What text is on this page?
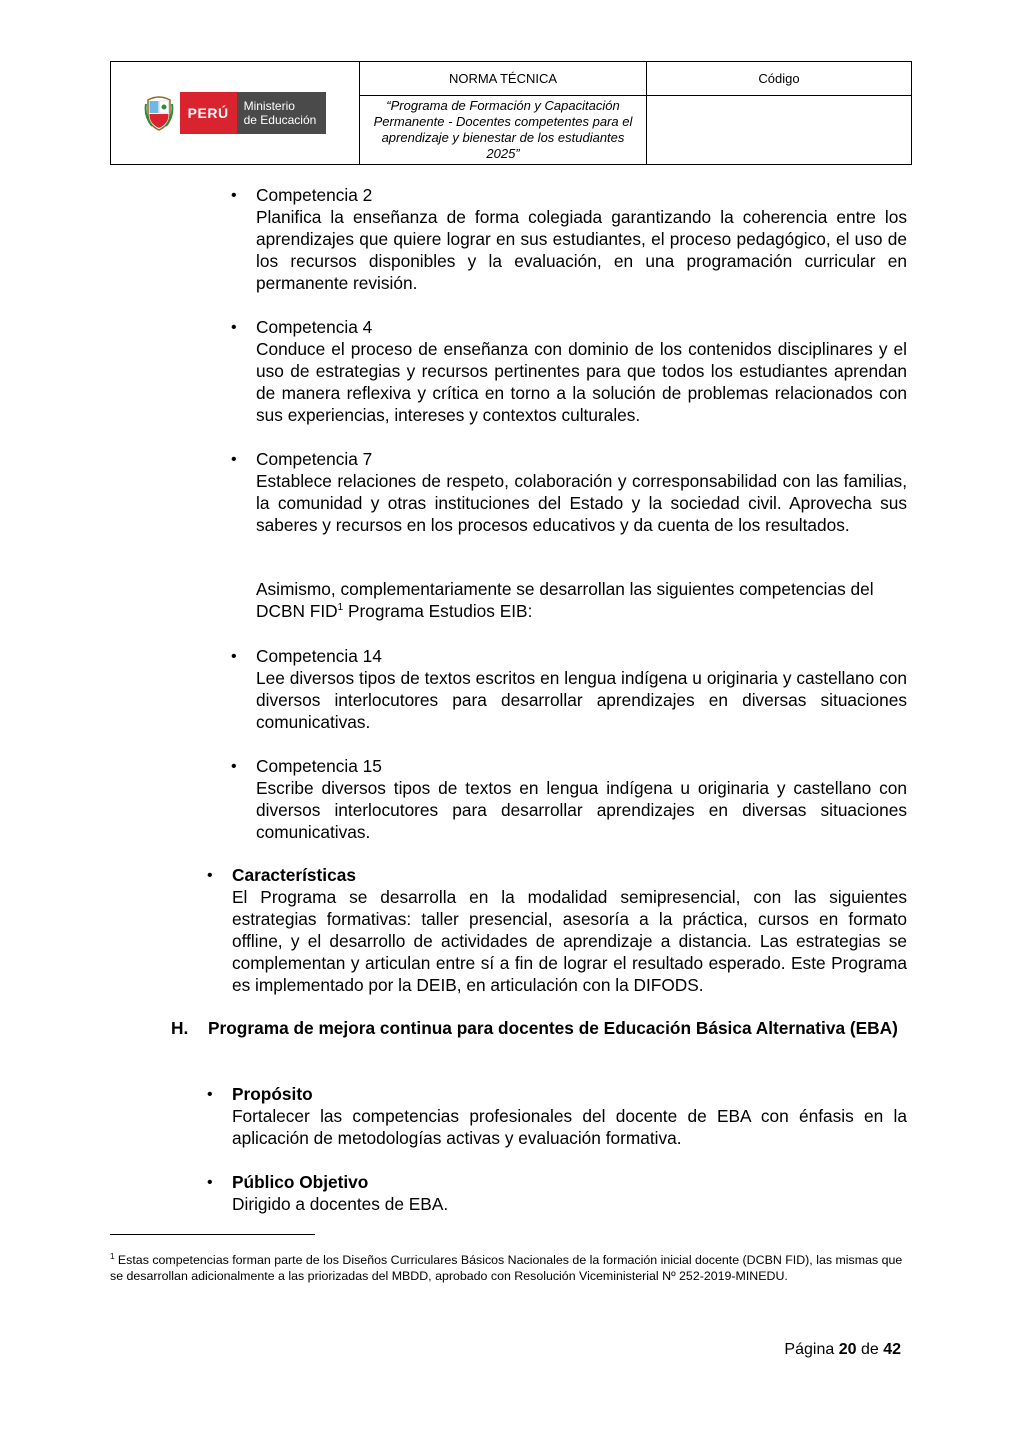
PERÚ Ministerio
de Educación	NORMA TÉCNICA	Código
	“Programa de Formación y Capacitación Permanente - Docentes competentes para el aprendizaje y bienestar de los estudiantes 2025”	
• Competencia 2

Planifica la enseñanza de forma colegiada garantizando la coherencia entre los aprendizajes que quiere lograr en sus estudiantes, el proceso pedagógico, el uso de los recursos disponibles y la evaluación, en una programación curricular en permanente revisión.

• Competencia 4

Conduce el proceso de enseñanza con dominio de los contenidos disciplinares y el uso de estrategias y recursos pertinentes para que todos los estudiantes aprendan de manera reflexiva y crítica en torno a la solución de problemas relacionados con sus experiencias, intereses y contextos culturales.

• Competencia 7

Establece relaciones de respeto, colaboración y corresponsabilidad con las familias, la comunidad y otras instituciones del Estado y la sociedad civil. Aprovecha sus saberes y recursos en los procesos educativos y da cuenta de los resultados.

Asimismo, complementariamente se desarrollan las siguientes competencias del DCBN FID$^1$ Programa Estudios EIB:

• Competencia 14

Lee diversos tipos de textos escritos en lengua indígena u originaria y castellano con diversos interlocutores para desarrollar aprendizajes en diversas situaciones comunicativas.

• Competencia 15

Escribe diversos tipos de textos en lengua indígena u originaria y castellano con diversos interlocutores para desarrollar aprendizajes en diversas situaciones comunicativas.

• Características

El Programa se desarrolla en la modalidad semipresencial, con las siguientes estrategias formativas: taller presencial, asesoría a la práctica, cursos en formato offline, y el desarrollo de actividades de aprendizaje a distancia. Las estrategias se complementan y articulan entre sí a fin de lograr el resultado esperado. Este Programa es implementado por la DEIB, en articulación con la DIFODS.

H. Programa de mejora continua para docentes de Educación Básica Alternativa (EBA)
• Propósito

Fortalecer las competencias profesionales del docente de EBA con énfasis en la aplicación de metodologías activas y evaluación formativa.

• Público Objetivo

Dirigido a docentes de EBA.

$^1$ Estas competencias forman parte de los Diseños Curriculares Básicos Nacionales de la formación inicial docente (DCBN FID), las mismas que se desarrollan adicionalmente a las priorizadas del MBDD, aprobado con Resolución Viceministerial Nº 252-2019-MINEDU.
Página 20 de 42
